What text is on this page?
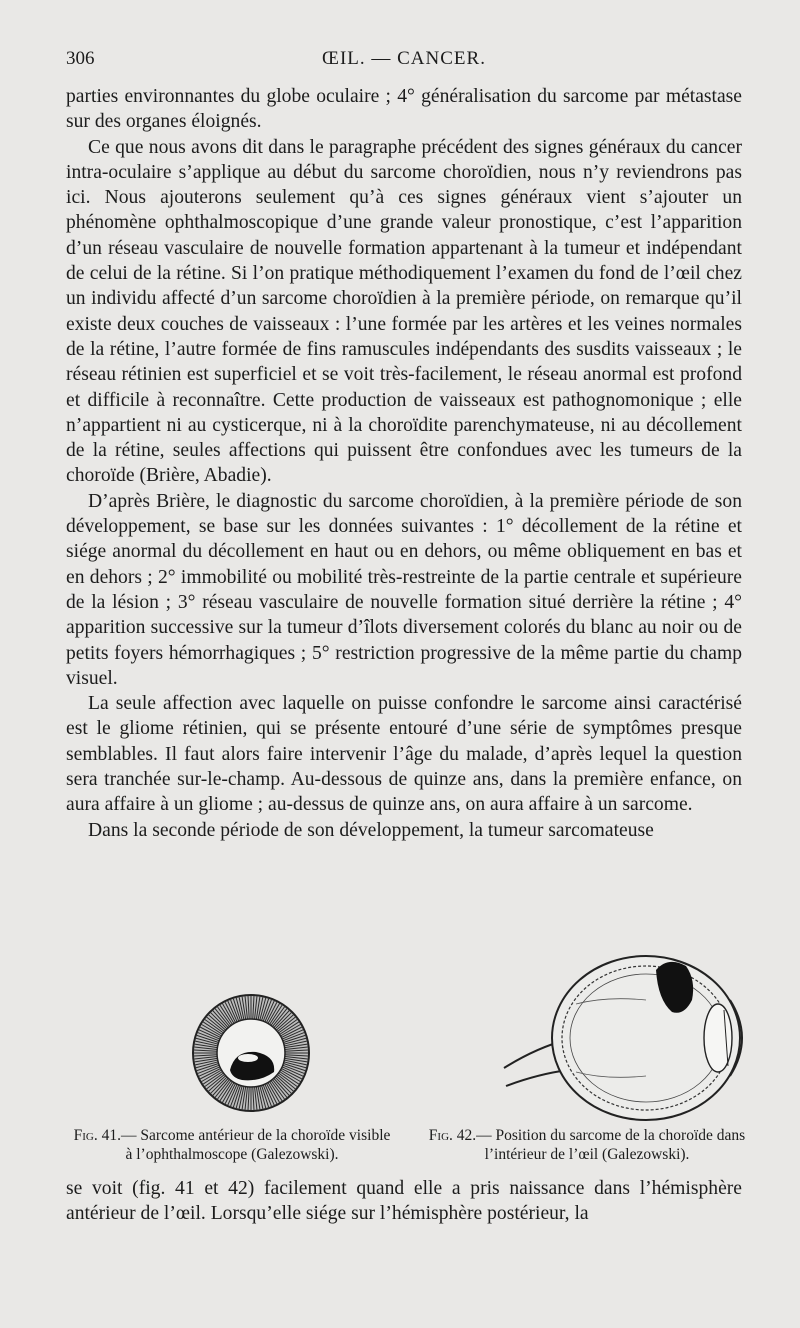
306	ŒIL. — CANCER.

parties environnantes du globe oculaire ; 4° généralisation du sarcome par métastase sur des organes éloignés.

Ce que nous avons dit dans le paragraphe précédent des signes généraux du cancer intra-oculaire s’applique au début du sarcome choroïdien, nous n’y reviendrons pas ici. Nous ajouterons seulement qu’à ces signes généraux vient s’ajouter un phénomène ophthalmoscopique d’une grande valeur pronostique, c’est l’apparition d’un réseau vasculaire de nouvelle formation appartenant à la tumeur et indépendant de celui de la rétine. Si l’on pratique méthodiquement l’examen du fond de l’œil chez un individu affecté d’un sarcome choroïdien à la première période, on remarque qu’il existe deux couches de vaisseaux : l’une formée par les artères et les veines normales de la rétine, l’autre formée de fins ramuscules indépendants des susdits vaisseaux ; le réseau rétinien est superficiel et se voit très-facilement, le réseau anormal est profond et difficile à reconnaître. Cette production de vaisseaux est pathognomonique ; elle n’appartient ni au cysticerque, ni à la choroïdite parenchymateuse, ni au décollement de la rétine, seules affections qui puissent être confondues avec les tumeurs de la choroïde (Brière, Abadie).

D’après Brière, le diagnostic du sarcome choroïdien, à la première période de son développement, se base sur les données suivantes : 1° décollement de la rétine et siége anormal du décollement en haut ou en dehors, ou même obliquement en bas et en dehors ; 2° immobilité ou mobilité très-restreinte de la partie centrale et supérieure de la lésion ; 3° réseau vasculaire de nouvelle formation situé derrière la rétine ; 4° apparition successive sur la tumeur d’îlots diversement colorés du blanc au noir ou de petits foyers hémorrhagiques ; 5° restriction progressive de la même partie du champ visuel.

La seule affection avec laquelle on puisse confondre le sarcome ainsi caractérisé est le gliome rétinien, qui se présente entouré d’une série de symptômes presque semblables. Il faut alors faire intervenir l’âge du malade, d’après lequel la question sera tranchée sur-le-champ. Au-dessous de quinze ans, dans la première enfance, on aura affaire à un gliome ; au-dessus de quinze ans, on aura affaire à un sarcome.

Dans la seconde période de son développement, la tumeur sarcomateuse

Fig. 41.— Sarcome antérieur de la choroïde visible à l’ophthalmoscope (Galezowski).
Fig. 42.— Position du sarcome de la choroïde dans l’intérieur de l’œil (Galezowski).

se voit (fig. 41 et 42) facilement quand elle a pris naissance dans l’hémisphère antérieur de l’œil. Lorsqu’elle siége sur l’hémisphère postérieur, la
